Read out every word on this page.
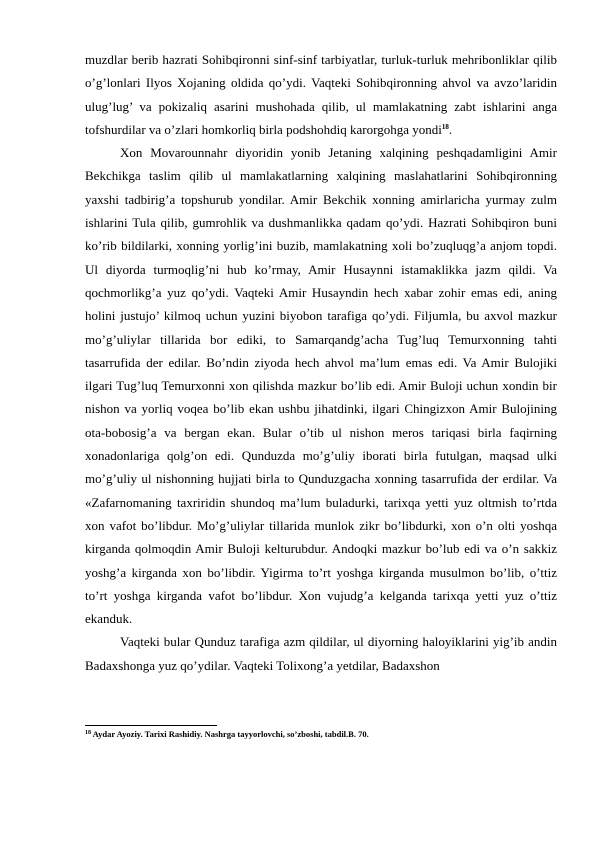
muzdlar berib hazrati Sohibqironni sinf-sinf tarbiyatlar, turluk-turluk mehribonliklar qilib o’g’lonlari Ilyos Xojaning oldida qo’ydi. Vaqteki Sohibqironning ahvol va avzo’laridin ulug’lug’ va pokizaliq asarini mushohada qilib, ul mamlakatning zabt ishlarini anga tofshurdilar va o’zlari homkorliq birla podshohdiq karorgohga yondi$^{18}$.

Xon Movarounnahr diyoridin yonib Jetaning xalqining peshqadamligini Amir Bekchikga taslim qilib ul mamlakatlarning xalqining maslahatlarini Sohibqironning yaxshi tadbirig’a topshurub yondilar. Amir Bekchik xonning amirlaricha yurmay zulm ishlarini Tula qilib, gumrohlik va dushmanlikka qadam qo’ydi. Hazrati Sohibqiron buni ko’rib bildilarki, xonning yorlig’ini buzib, mamlakatning xoli bo’zuqluqg’a anjom topdi. Ul diyorda turmoqlig’ni hub ko’rmay, Amir Husaynni istamaklikka jazm qildi. Va qochmorlikg’a yuz qo’ydi. Vaqteki Amir Husayndin hech xabar zohir emas edi, aning holini justujo’ kilmoq uchun yuzini biyobon tarafiga qo’ydi. Filjumla, bu axvol mazkur mo’g’uliylar tillarida bor ediki, to Samarqandg’acha Tug’luq Temurxonning tahti tasarrufida der edilar. Bo’ndin ziyoda hech ahvol ma’lum emas edi. Va Amir Bulojiki ilgari Tug’luq Temurxonni xon qilishda mazkur bo’lib edi. Amir Buloji uchun xondin bir nishon va yorliq voqea bo’lib ekan ushbu jihatdinki, ilgari Chingizxon Amir Bulojining ota-bobosig’a va bergan ekan. Bular o’tib ul nishon meros tariqasi birla faqirning xonadonlariga qolg’on edi. Qunduzda mo’g’uliy iborati birla futulgan, maqsad ulki mo’g’uliy ul nishonning hujjati birla to Qunduzgacha xonning tasarrufida der erdilar. Va «Zafarnomaning taxriridin shundoq ma’lum buladurki, tarixqa yetti yuz oltmish to’rtda xon vafot bo’libdur. Mo’g’uliylar tillarida munlok zikr bo’libdurki, xon o’n olti yoshqa kirganda qolmoqdin Amir Buloji kelturubdur. Andoqki mazkur bo’lub edi va o’n sakkiz yoshg’a kirganda xon bo’libdir. Yigirma to’rt yoshga kirganda musulmon bo’lib, o’ttiz to’rt yoshga kirganda vafot bo’libdur. Xon vujudg’a kelganda tarixqa yetti yuz o’ttiz ekanduk.

Vaqteki bular Qunduz tarafiga azm qildilar, ul diyorning haloyiklarini yig’ib andin Badaxshonga yuz qo’ydilar. Vaqteki Tolixong’a yetdilar, Badaxshon

$^{18}$ Aydar Ayoziy. Tarixi Rashidiy. Nashrga tayyorlovchi, so’zboshi, tabdil.B. 70.
